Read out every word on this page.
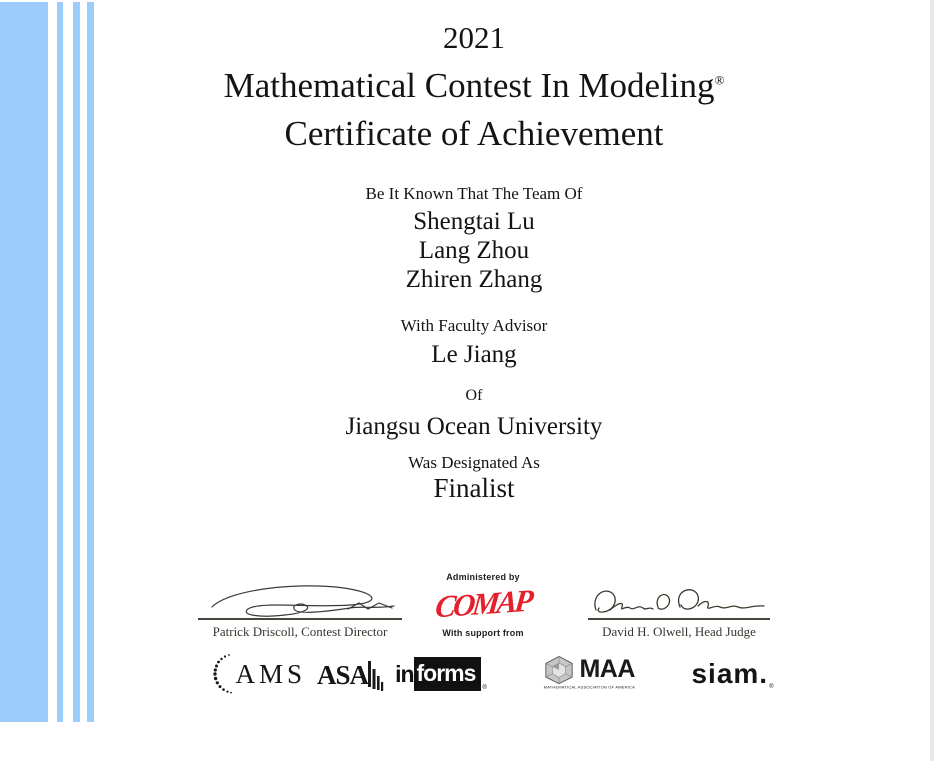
2021
Mathematical Contest In Modeling®
Certificate of Achievement
Be It Known That The Team Of
Shengtai Lu
Lang Zhou
Zhiren Zhang
With Faculty Advisor
Le Jiang
Of
Jiangsu Ocean University
Was Designated As
Finalist
Patrick Driscoll, Contest Director
Administered by
COMAP
With support from	David H. Olwell, Head Judge
AMS ASA in forms
®
MAA
MATHEMATICAL ASSOCIATION OF AMERICA siam. ®
